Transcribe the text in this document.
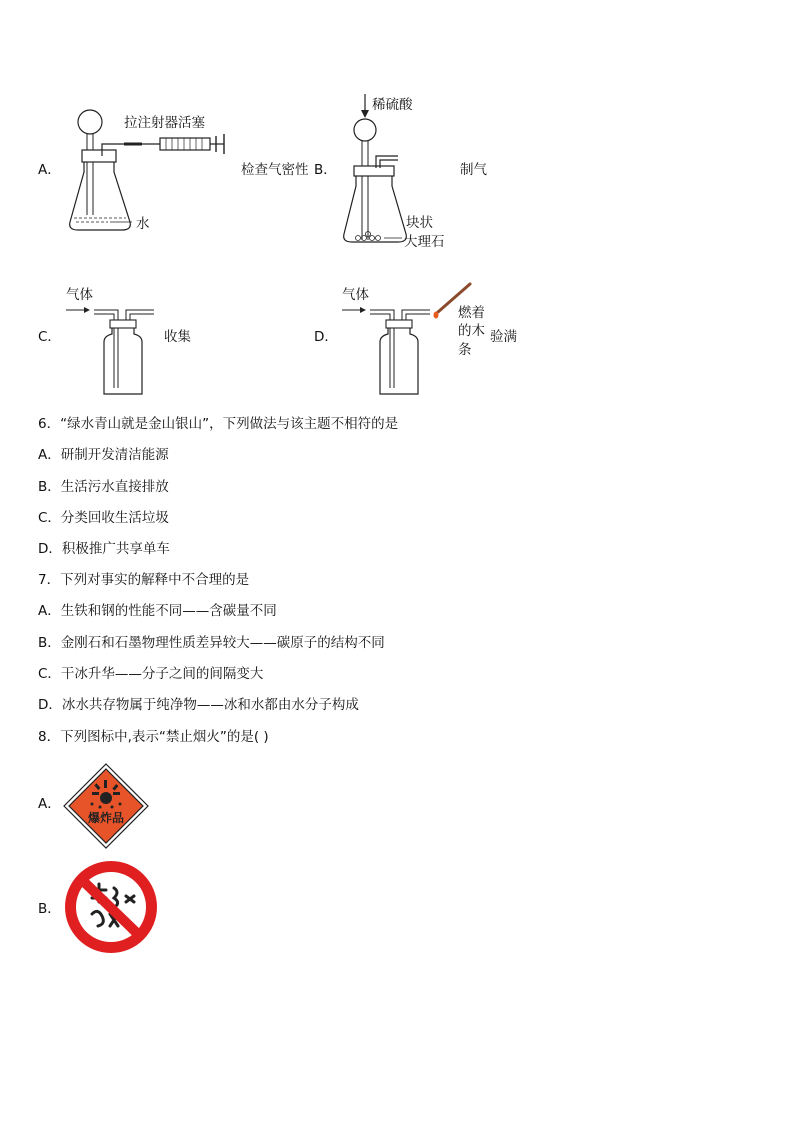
A．
拉注射器活塞
水
检查气密性 B．
稀硫酸
块状
大理石
制气
C．
气体
收集	D．
气体
燃着
的木
条
验满
6．“绿水青山就是金山银山”，下列做法与该主题不相符的是
A．研制开发清洁能源
B．生活污水直接排放
C．分类回收生活垃圾
D．积极推广共享单车
7．下列对事实的解释中不合理的是
A．生铁和钢的性能不同——含碳量不同
B．金刚石和石墨物理性质差异较大——碳原子的结构不同
C．干冰升华——分子之间的间隔变大
D．冰水共存物属于纯净物——冰和水都由水分子构成
8．下列图标中,表示“禁止烟火”的是( )
A．
爆炸品
B．
